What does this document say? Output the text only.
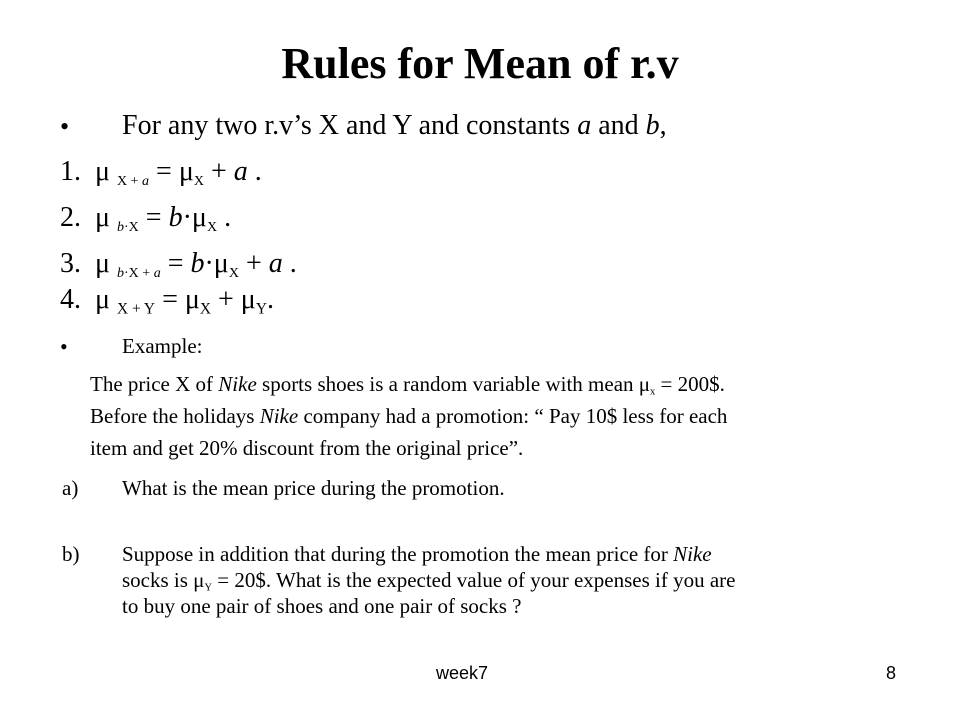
Rules for Mean of r.v
• For any two r.v’s X and Y and constants a and b,
1. μ $_{X + a} = \mu_X + a$ .
2. μ $_{b\cdot X} = b\cdot\mu_X$ .
3. μ $_{b\cdot X + a} = b\cdot\mu_X + a$ .
4. μ X + Y = μX + μY.
•	Example:
The price X of Nike sports shoes is a random variable with mean $\mu_x$ = 200$.
Before the holidays Nike company had a promotion: “ Pay 10$ less for each
item and get 20% discount from the original price”.
a) What is the mean price during the promotion.
b) Suppose in addition that during the promotion the mean price for Nike
socks is $\mu_Y$ = 20$. What is the expected value of your expenses if you are
to buy one pair of shoes and one pair of socks ?
week7	8
